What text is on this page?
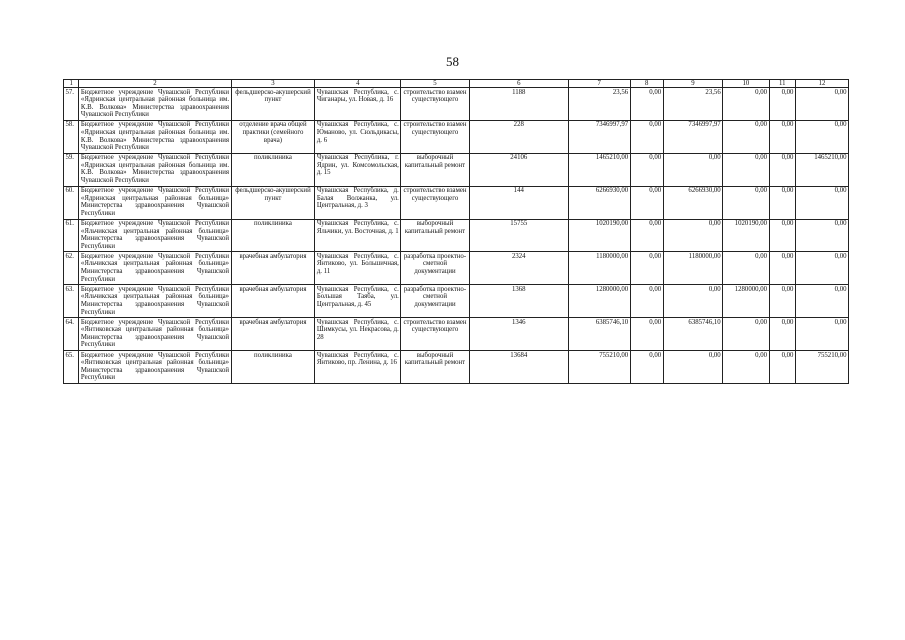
58
1	2	3	4	5	6	7	8	9	10	11	12
57.	Бюджетное учреждение Чувашской Республики «Ядринская центральная районная больница им. К.В. Волкова» Министерства здравоохранения Чувашской Республики	фельдшерско-акушерский пункт	Чувашская Республика, с. Чиганары, ул. Новая, д. 16	строительство взамен существующего	1188	23,56	0,00	23,56	0,00	0,00	0,00
58.	Бюджетное учреждение Чувашской Республики «Ядринская центральная районная больница им. К.В. Волкова» Министерства здравоохранения Чувашской Республики	отделение врача общей практики (семейного врача)	Чувашская Республика, с. Юманово, ул. Сюльдикасы, д. 6	строительство взамен существующего	228	7346997,97	0,00	7346997,97	0,00	0,00	0,00
59.	Бюджетное учреждение Чувашской Республики «Ядринская центральная районная больница им. К.В. Волкова» Министерства здравоохранения Чувашской Республики	поликлиника	Чувашская Республика, г. Ядрин, ул. Комсомольская, д. 15	выборочный капитальный ремонт	24106	1465210,00	0,00	0,00	0,00	0,00	1465210,00
60.	Бюджетное учреждение Чувашской Республики «Ядринская центральная районная больница» Министерства здравоохранения Чувашской Республики	фельдшерско-акушерский пункт	Чувашская Республика, д. Балая Волжанка, ул. Центральная, д. 3	строительство взамен существующего	144	6266930,00	0,00	6266930,00	0,00	0,00	0,00
61.	Бюджетное учреждение Чувашской Республики «Яльчикская центральная районная больница» Министерства здравоохранения Чувашской Республики	поликлиника	Чувашская Республика, с. Яльчики, ул. Восточная, д. 1	выборочный капитальный ремонт	15755	1020190,00	0,00	0,00	1020190,00	0,00	0,00
62.	Бюджетное учреждение Чувашской Республики «Яльчикская центральная районная больница» Министерства здравоохранения Чувашской Республики	врачебная амбулатория	Чувашская Республика, с. Янтиково, ул. Большичная, д. 11	разработка проектно-сметной документации	2324	1180000,00	0,00	1180000,00	0,00	0,00	0,00
63.	Бюджетное учреждение Чувашской Республики «Яльчикская центральная районная больница» Министерства здравоохранения Чувашской Республики	врачебная амбулатория	Чувашская Республика, с. Большая Таяба, ул. Центральная, д. 45	разработка проектно-сметной документации	1368	1280000,00	0,00	0,00	1280000,00	0,00	0,00
64.	Бюджетное учреждение Чувашской Республики «Янтиковская центральная районная больница» Министерства здравоохранения Чувашской Республики	врачебная амбулатория	Чувашская Республика, с. Шимкусы, ул. Некрасова, д. 28	строительство взамен существующего	1346	6385746,10	0,00	6385746,10	0,00	0,00	0,00
65.	Бюджетное учреждение Чувашской Республики «Янтиковская центральная районная больница» Министерства здравоохранения Чувашской Республики	поликлиника	Чувашская Республика, с. Янтиково, пр. Ленина, д. 16	выборочный капитальный ремонт	13684	755210,00	0,00	0,00	0,00	0,00	755210,00
